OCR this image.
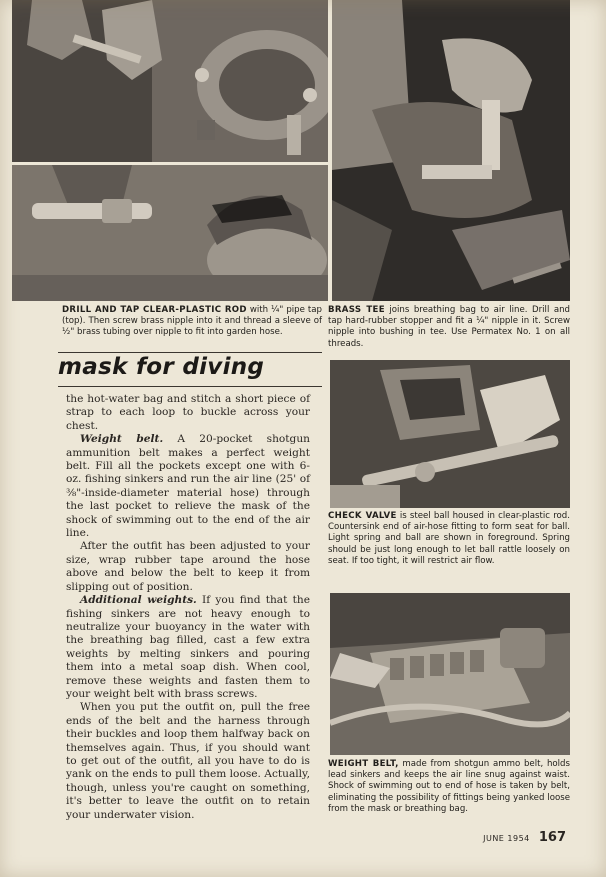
DRILL AND TAP CLEAR-PLASTIC ROD with ¼" pipe tap (top). Then screw brass nipple into it and thread a sleeve of ½" brass tubing over nipple to fit into garden hose.
BRASS TEE joins breathing bag to air line. Drill and tap hard-rubber stopper and fit a ¼" nipple in it. Screw nipple into bushing in tee. Use Permatex No. 1 on all threads.
CHECK VALVE is steel ball housed in clear-plastic rod. Countersink end of air-hose fitting to form seat for ball. Light spring and ball are shown in foreground. Spring should be just long enough to let ball rattle loosely on seat. If too tight, it will restrict air flow.
WEIGHT BELT, made from shotgun ammo belt, holds lead sinkers and keeps the air line snug against waist. Shock of swimming out to end of hose is taken by belt, eliminating the possibility of fittings being yanked loose from the mask or breathing bag.
mask for diving

the hot-water bag and stitch a short piece of strap to each loop to buckle across your chest.

Weight belt. A 20-pocket shotgun ammunition belt makes a perfect weight belt. Fill all the pockets except one with 6-oz. fishing sinkers and run the air line (25' of ⅜"-inside-diameter material hose) through the last pocket to relieve the mask of the shock of swimming out to the end of the air line.

After the outfit has been adjusted to your size, wrap rubber tape around the hose above and below the belt to keep it from slipping out of position.

Additional weights. If you find that the fishing sinkers are not heavy enough to neutralize your buoyancy in the water with the breathing bag filled, cast a few extra weights by melting sinkers and pouring them into a metal soap dish. When cool, remove these weights and fasten them to your weight belt with brass screws.

When you put the outfit on, pull the free ends of the belt and the harness through their buckles and loop them halfway back on themselves again. Thus, if you should want to get out of the outfit, all you have to do is yank on the ends to pull them loose. Actually, though, unless you're caught on something, it's better to leave the outfit on to retain your underwater vision.

JUNE 1954 167
